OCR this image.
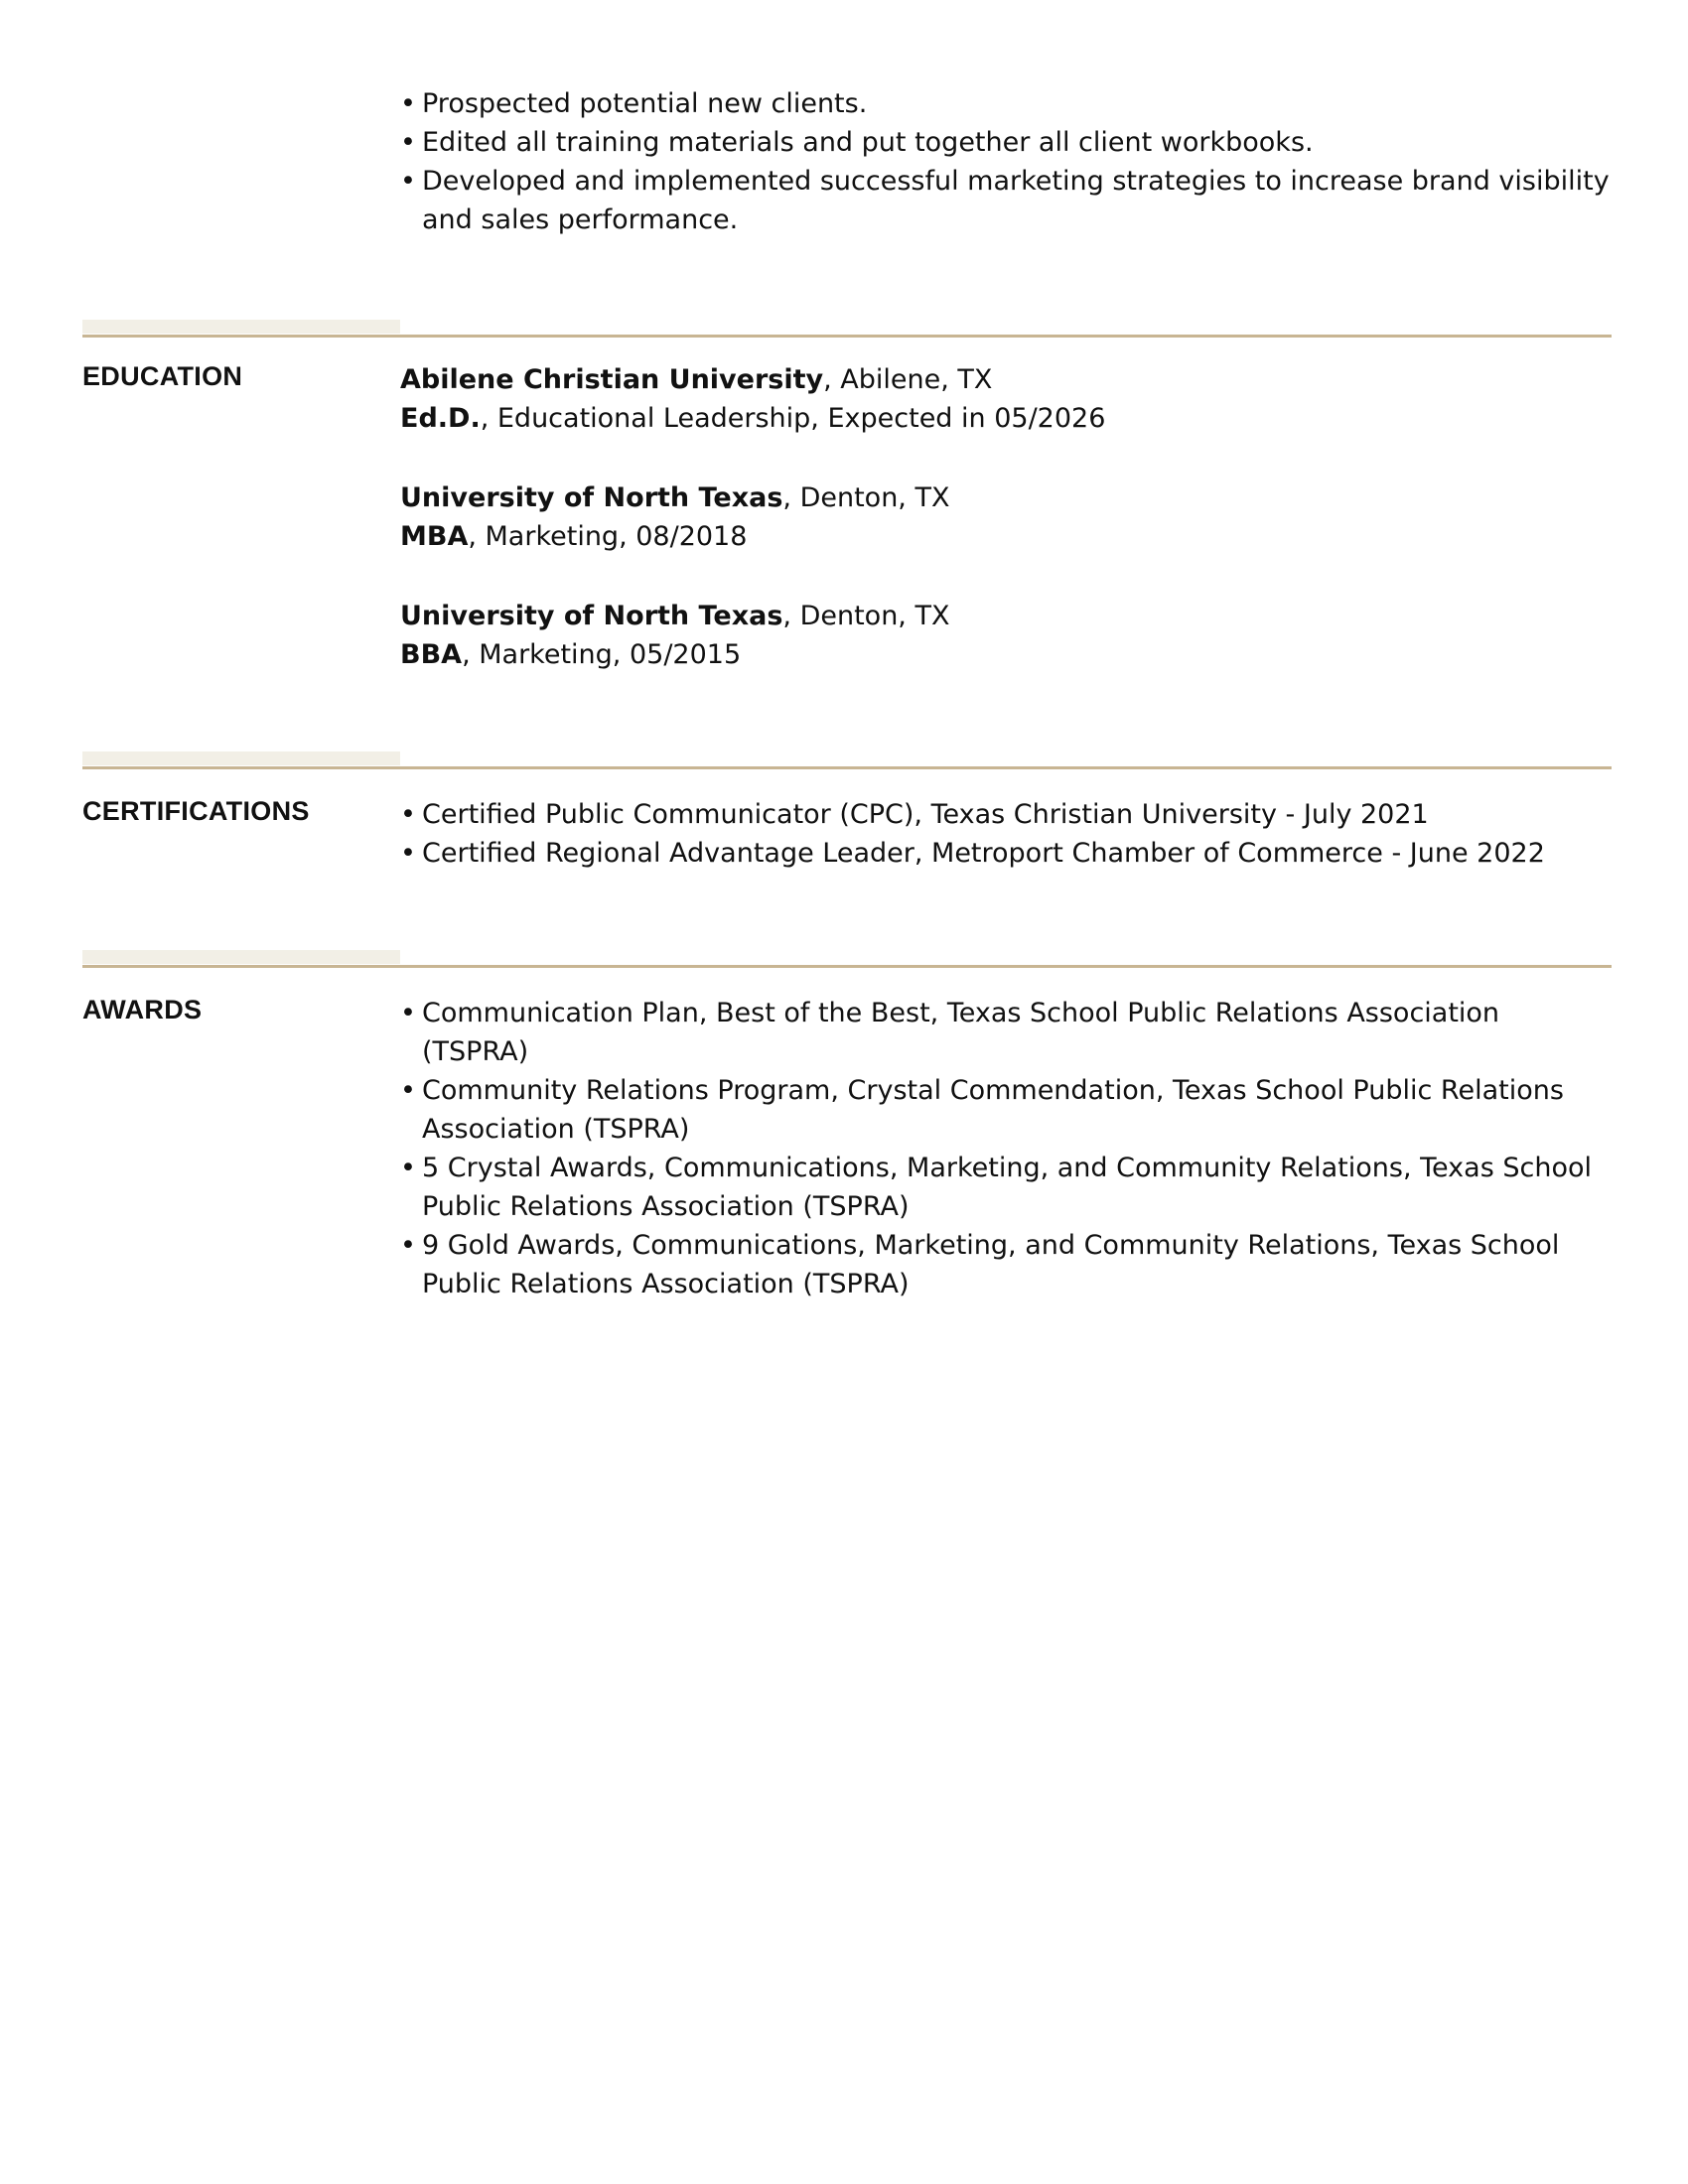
• Prospected potential new clients.
• Edited all training materials and put together all client workbooks.
• Developed and implemented successful marketing strategies to increase brand visibility and sales performance.
EDUCATION	Abilene Christian University, Abilene, TX
Ed.D., Educational Leadership, Expected in 05/2026
University of North Texas, Denton, TX
MBA, Marketing, 08/2018
University of North Texas, Denton, TX
BBA, Marketing, 05/2015
CERTIFICATIONS	• Certified Public Communicator (CPC), Texas Christian University - July 2021
• Certified Regional Advantage Leader, Metroport Chamber of Commerce - June 2022
AWARDS	• Communication Plan, Best of the Best, Texas School Public Relations Association (TSPRA)
• Community Relations Program, Crystal Commendation, Texas School Public Relations Association (TSPRA)
• 5 Crystal Awards, Communications, Marketing, and Community Relations, Texas School Public Relations Association (TSPRA)
• 9 Gold Awards, Communications, Marketing, and Community Relations, Texas School Public Relations Association (TSPRA)
